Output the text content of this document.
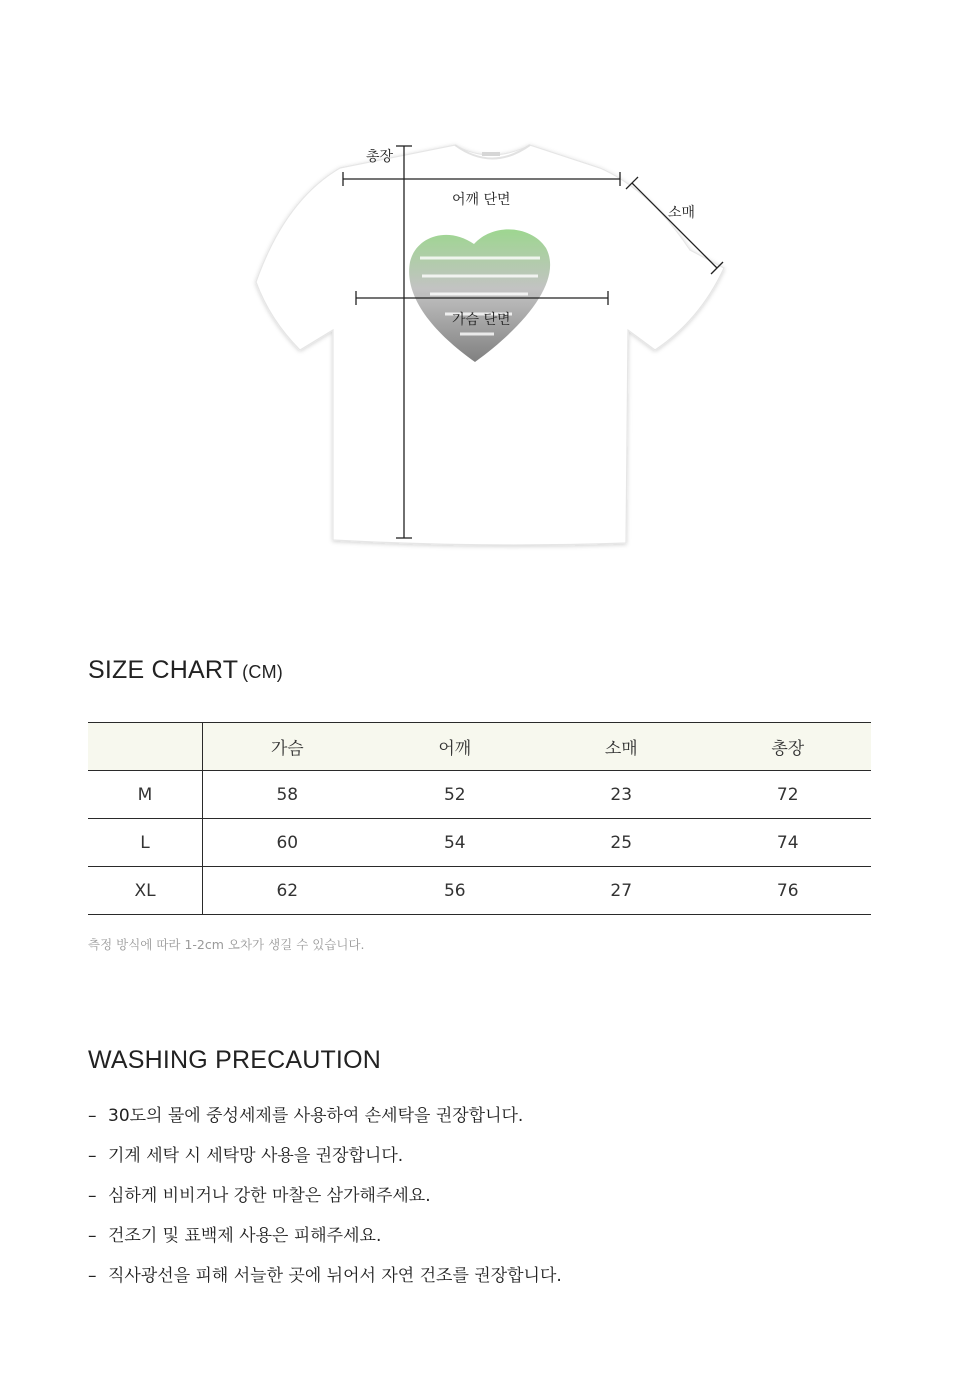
총장
어깨 단면
소매
가슴 단면
SIZE CHART (CM)
	가슴	어깨	소매	총장
M	58	52	23	72
L	60	54	25	74
XL	62	56	27	76
측정 방식에 따라 1-2cm 오차가 생길 수 있습니다.
WASHING PRECAUTION
– 30도의 물에 중성세제를 사용하여 손세탁을 권장합니다.
– 기계 세탁 시 세탁망 사용을 권장합니다.
– 심하게 비비거나 강한 마찰은 삼가해주세요.
– 건조기 및 표백제 사용은 피해주세요.
– 직사광선을 피해 서늘한 곳에 뉘어서 자연 건조를 권장합니다.
